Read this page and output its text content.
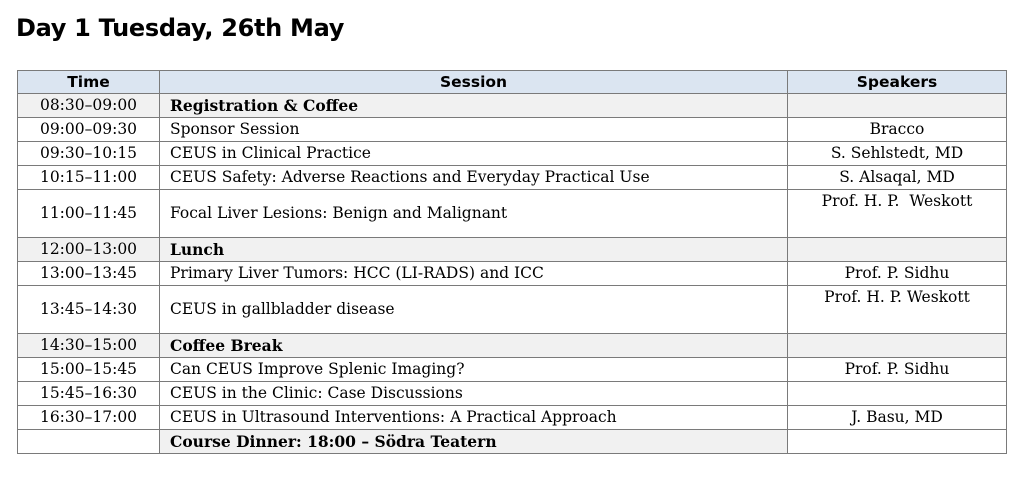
Day 1 Tuesday, 26th May
Time	Session	Speakers
08:30–09:00	Registration & Coffee	
09:00–09:30	Sponsor Session	Bracco
09:30–10:15	CEUS in Clinical Practice	S. Sehlstedt, MD
10:15–11:00	CEUS Safety: Adverse Reactions and Everyday Practical Use	S. Alsaqal, MD
11:00–11:45	Focal Liver Lesions: Benign and Malignant	Prof. H. P.  Weskott
12:00–13:00	Lunch	
13:00–13:45	Primary Liver Tumors: HCC (LI-RADS) and ICC	Prof. P. Sidhu
13:45–14:30	CEUS in gallbladder disease	Prof. H. P. Weskott
14:30–15:00	Coffee Break	
15:00–15:45	Can CEUS Improve Splenic Imaging?	Prof. P. Sidhu
15:45–16:30	CEUS in the Clinic: Case Discussions	
16:30–17:00	CEUS in Ultrasound Interventions: A Practical Approach	J. Basu, MD
	Course Dinner: 18:00 – Södra Teatern	
